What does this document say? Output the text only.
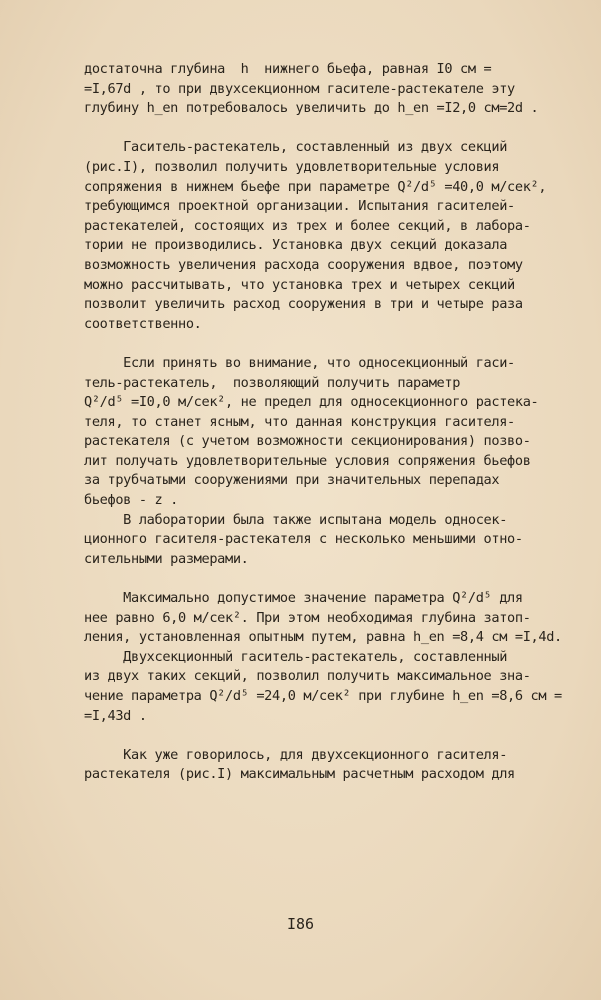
достаточна глубина  h  нижнего бьефа, равная I0 см =
=I,67d , то при двухсекционном гасителе-растекателе эту
глубину h_en потребовалось увеличить до h_en =I2,0 см=2d .
Гаситель-растекатель, составленный из двух секций
(рис.I), позволил получить удовлетворительные условия
сопряжения в нижнем бьефе при параметре Q²/d⁵ =40,0 м/сек²,
требующимся проектной организации. Испытания гасителей-
растекателей, состоящих из трех и более секций, в лабора-
тории не производились. Установка двух секций доказала
возможность увеличения расхода сооружения вдвое, поэтому
можно рассчитывать, что установка трех и четырех секций
позволит увеличить расход сооружения в три и четыре раза
соответственно.
Если принять во внимание, что односекционный гаси-
тель-растекатель,  позволяющий получить параметр
Q²/d⁵ =I0,0 м/сек², не предел для односекционного растека-
теля, то станет ясным, что данная конструкция гасителя-
растекателя (с учетом возможности секционирования) позво-
лит получать удовлетворительные условия сопряжения бьефов
за трубчатыми сооружениями при значительных перепадах
бьефов - z .
В лаборатории была также испытана модель односек-
ционного гасителя-растекателя с несколько меньшими отно-
сительными размерами.
Максимально допустимое значение параметра Q²/d⁵ для
нее равно 6,0 м/сек². При этом необходимая глубина затоп-
ления, установленная опытным путем, равна h_en =8,4 см =I,4d.
Двухсекционный гаситель-растекатель, составленный
из двух таких секций, позволил получить максимальное зна-
чение параметра Q²/d⁵ =24,0 м/сек² при глубине h_en =8,6 см =
=I,43d .
Как уже говорилось, для двухсекционного гасителя-
растекателя (рис.I) максимальным расчетным расходом для
I86
